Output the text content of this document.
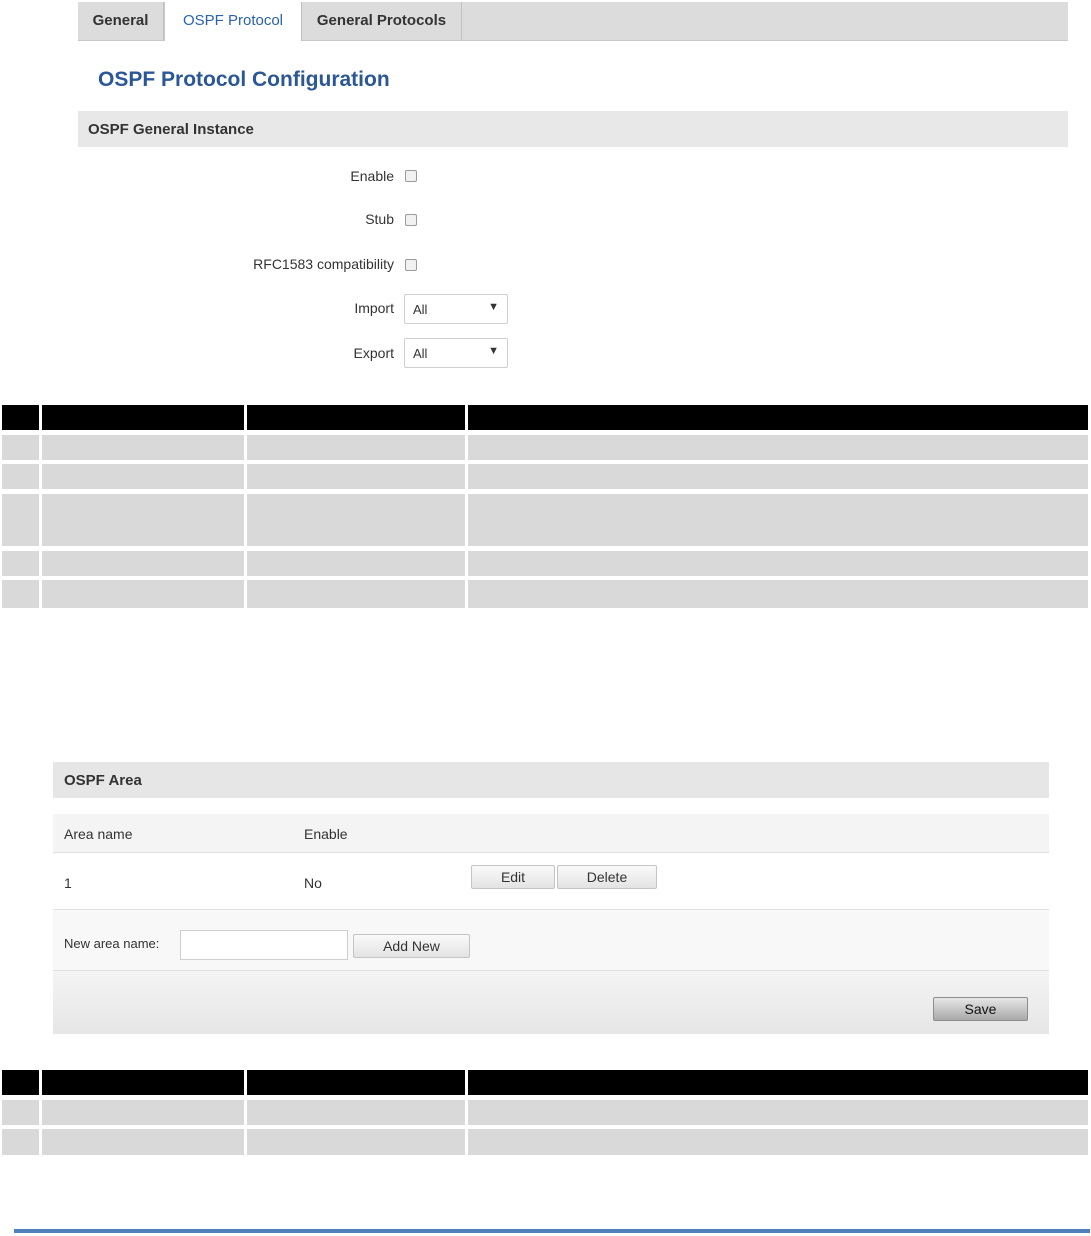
General	OSPF Protocol	General Protocols
OSPF Protocol Configuration
OSPF General Instance
Enable
Stub
RFC1583 compatibility
Import All	▼
Export All	▼
OSPF Area
Area name	Enable
1	No	Edit	Delete
New area name:	Add New
Save
